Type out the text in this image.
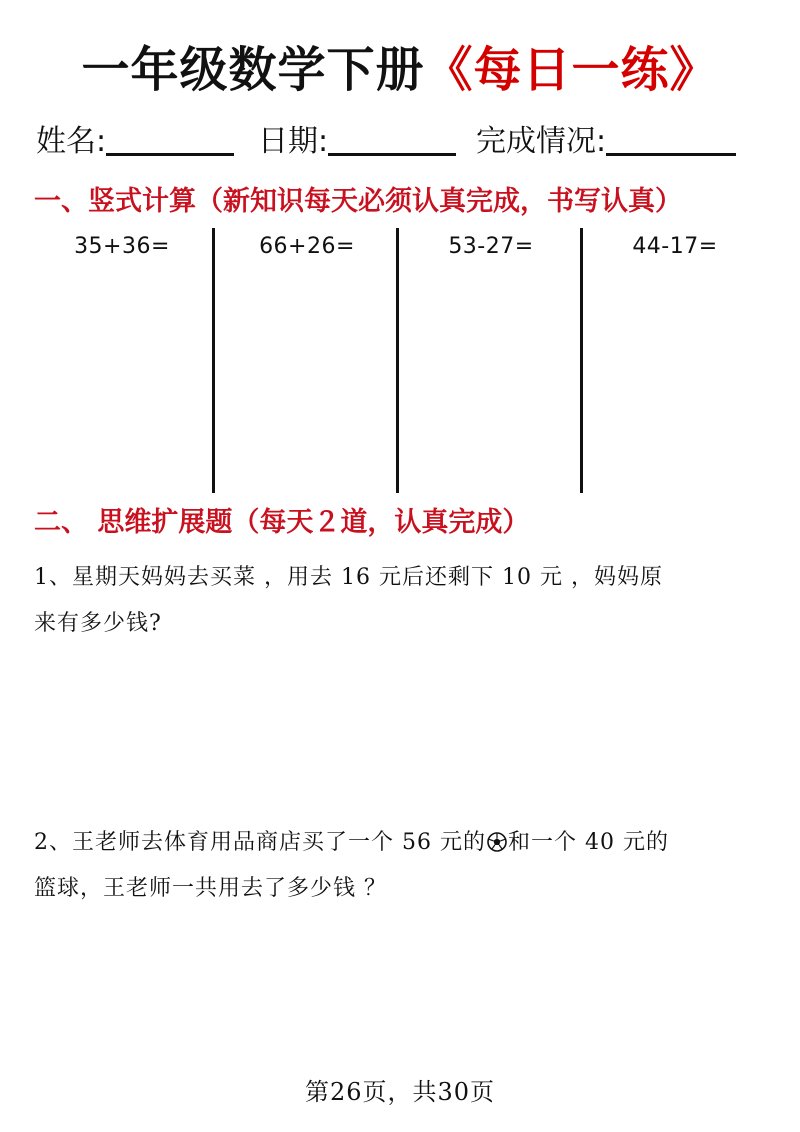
一年级数学下册《每日一练》
姓名:	日期:	完成情况:
一、竖式计算（新知识每天必须认真完成，书写认真）
35+36=	66+26=	53-27=	44-17=
二、 思维扩展题（每天２道，认真完成）
1、星期天妈妈去买菜 ，用去 16 元后还剩下 10 元 ，妈妈原
来有多少钱?
2、王老师去体育用品商店买了一个 56 元的 和一个 40 元的
篮球，王老师一共用去了多少钱 ？
第26页，共30页
